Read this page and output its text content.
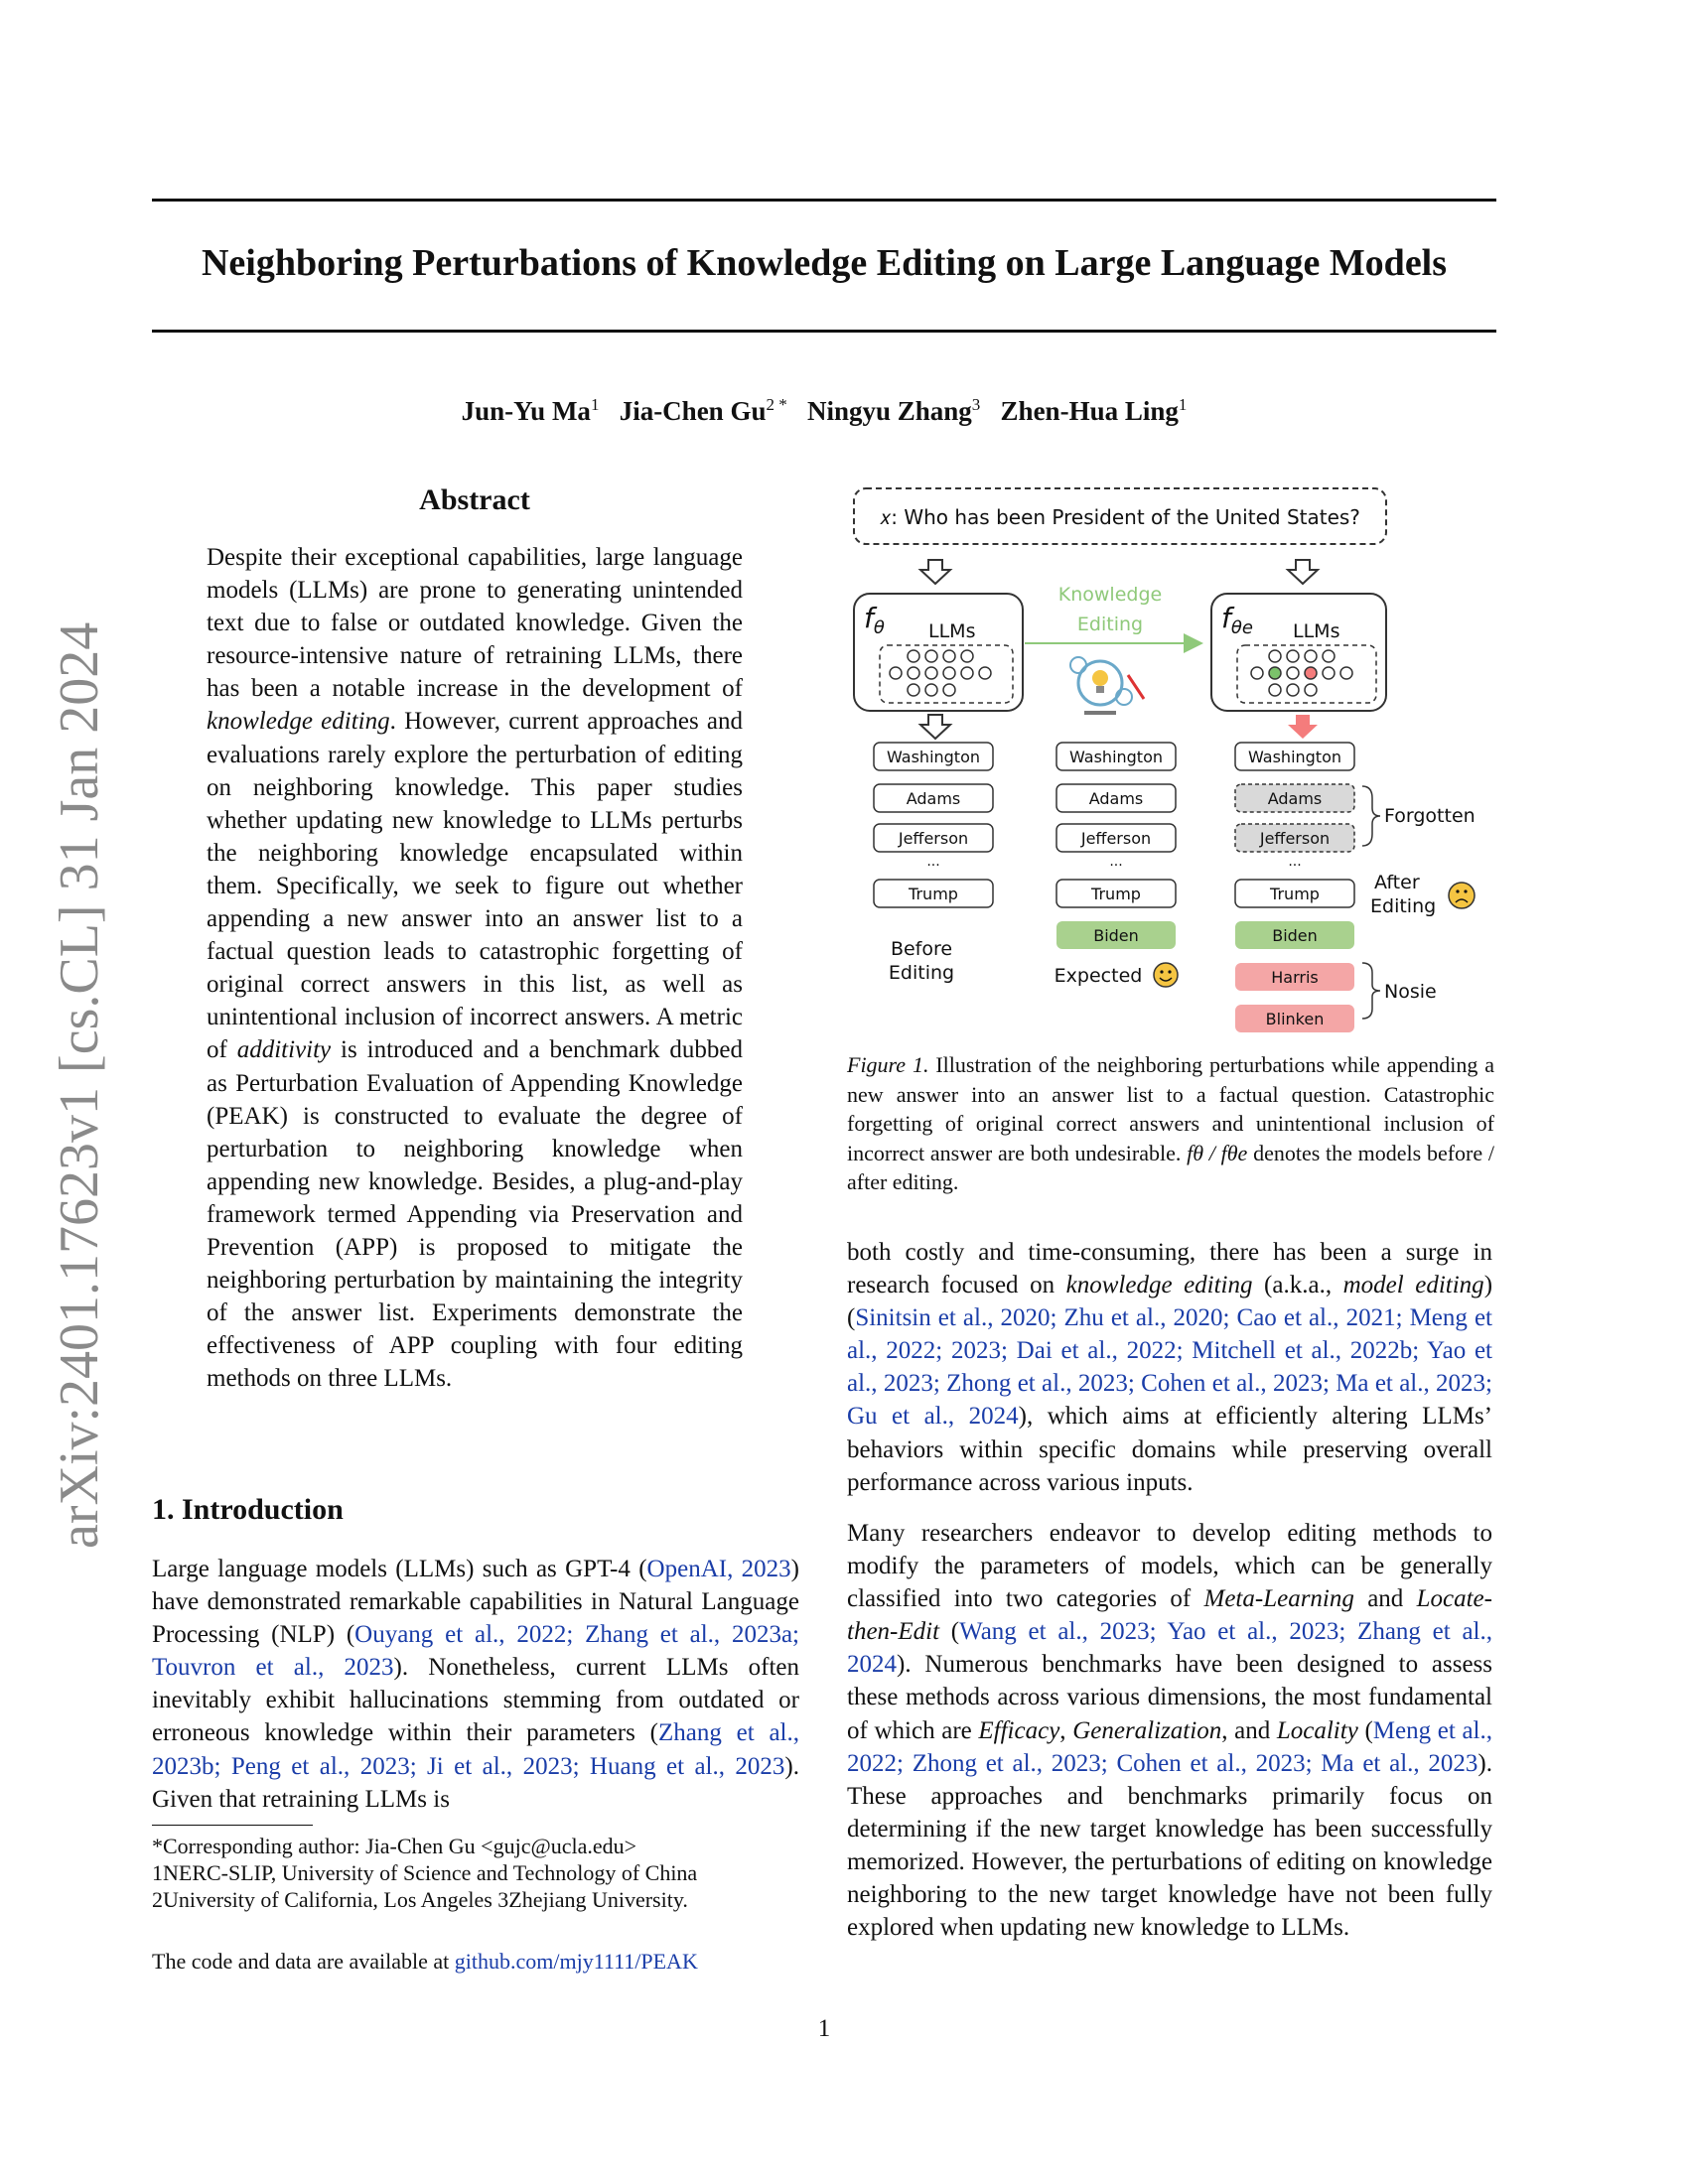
Neighboring Perturbations of Knowledge Editing on Large Language Models
Jun-Yu Ma$^1$ Jia-Chen $Gu^{2 *}$ Ningyu Zhang$^3$ Zhen-Hua Ling$^1$
arXiv:2401.17623v1 [cs.CL] 31 Jan 2024
Abstract

Despite their exceptional capabilities, large language models (LLMs) are prone to generating unintended text due to false or outdated knowledge. Given the resource-intensive nature of retraining LLMs, there has been a notable increase in the development of knowledge editing. However, current approaches and evaluations rarely explore the perturbation of editing on neighboring knowledge. This paper studies whether updating new knowledge to LLMs perturbs the neighboring knowledge encapsulated within them. Specifically, we seek to figure out whether appending a new answer into an answer list to a factual question leads to catastrophic forgetting of original correct answers in this list, as well as unintentional inclusion of incorrect answers. A metric of additivity is introduced and a benchmark dubbed as Perturbation Evaluation of Appending Knowledge (PEAK) is constructed to evaluate the degree of perturbation to neighboring knowledge when appending new knowledge. Besides, a plug-and-play framework termed Appending via Preservation and Prevention (APP) is proposed to mitigate the neighboring perturbation by maintaining the integrity of the answer list. Experiments demonstrate the effectiveness of APP coupling with four editing methods on three LLMs.

1. Introduction

Large language models (LLMs) such as GPT-4 (OpenAI, 2023) have demonstrated remarkable capabilities in Natural Language Processing (NLP) (Ouyang et al., 2022; Zhang et al., 2023a; Touvron et al., 2023). Nonetheless, current LLMs often inevitably exhibit hallucinations stemming from outdated or erroneous knowledge within their parameters (Zhang et al., 2023b; Peng et al., 2023; Ji et al., 2023; Huang et al., 2023). Given that retraining LLMs is

*Corresponding author: Jia-Chen Gu <gujc@ucla.edu>
1NERC-SLIP, University of Science and Technology of China
2University of California, Los Angeles 3Zhejiang University.
The code and data are available at github.com/mjy1111/PEAK
𝑥: Who has been President of the United States?
$f_\theta$ LLMs
Knowledge
Editing	$f_{\theta e}$ LLMs
Washington
Adams
Jefferson
...
Trump
Before
Editing
Washington
Adams
Jefferson
...
Trump
Biden
Expected
Washington
Adams
Jefferson
...
Trump
Biden
Harris
Blinken
Forgotten
Nosie
After
Editing
Figure 1. Illustration of the neighboring perturbations while appending a new answer into an answer list to a factual question. Catastrophic forgetting of original correct answers and unintentional inclusion of incorrect answer are both undesirable. fθ / fθe denotes the models before / after editing.

both costly and time-consuming, there has been a surge in research focused on knowledge editing (a.k.a., model editing) (Sinitsin et al., 2020; Zhu et al., 2020; Cao et al., 2021; Meng et al., 2022; 2023; Dai et al., 2022; Mitchell et al., 2022b; Yao et al., 2023; Zhong et al., 2023; Cohen et al., 2023; Ma et al., 2023; Gu et al., 2024), which aims at efficiently altering LLMs’ behaviors within specific domains while preserving overall performance across various inputs.

Many researchers endeavor to develop editing methods to modify the parameters of models, which can be generally classified into two categories of Meta-Learning and Locate-then-Edit (Wang et al., 2023; Yao et al., 2023; Zhang et al., 2024). Numerous benchmarks have been designed to assess these methods across various dimensions, the most fundamental of which are Efficacy, Generalization, and Locality (Meng et al., 2022; Zhong et al., 2023; Cohen et al., 2023; Ma et al., 2023). These approaches and benchmarks primarily focus on determining if the new target knowledge has been successfully memorized. However, the perturbations of editing on knowledge neighboring to the new target knowledge have not been fully explored when updating new knowledge to LLMs.

1
